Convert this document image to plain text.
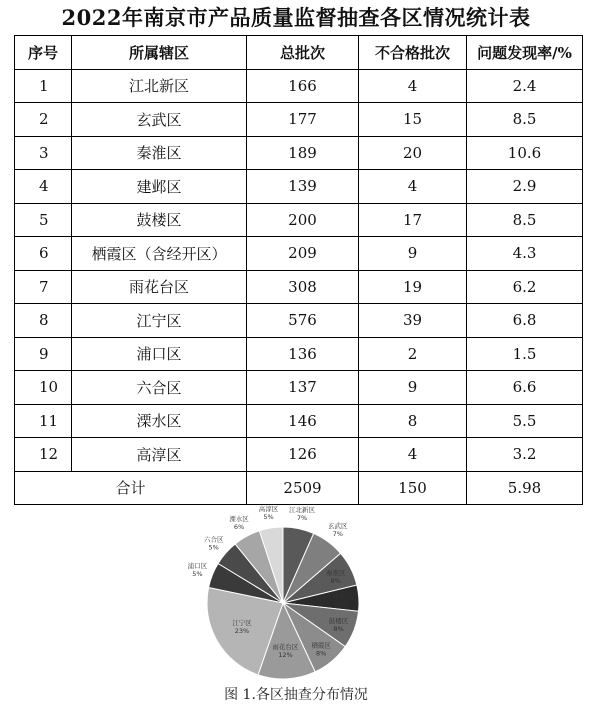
2022年南京市产品质量监督抽查各区情况统计表
序号	所属辖区	总批次	不合格批次	问题发现率/%
1	江北新区	166	4	2.4
2	玄武区	177	15	8.5
3	秦淮区	189	20	10.6
4	建邺区	139	4	2.9
5	鼓楼区	200	17	8.5
6	栖霞区（含经开区）	209	9	4.3
7	雨花台区	308	19	6.2
8	江宁区	576	39	6.8
9	浦口区	136	2	1.5
10	六合区	137	9	6.6
11	溧水区	146	8	5.5
12	高淳区	126	4	3.2
合计		2509	150	5.98
江北新区
7%
玄武区
7%
秦淮区
8%
建邺区
6%
鼓楼区
8%
栖霞区
8%
雨花台区
12%
江宁区
23%
浦口区
5%
六合区
5%
溧水区
6%
高淳区
5%
图 1.各区抽查分布情况
